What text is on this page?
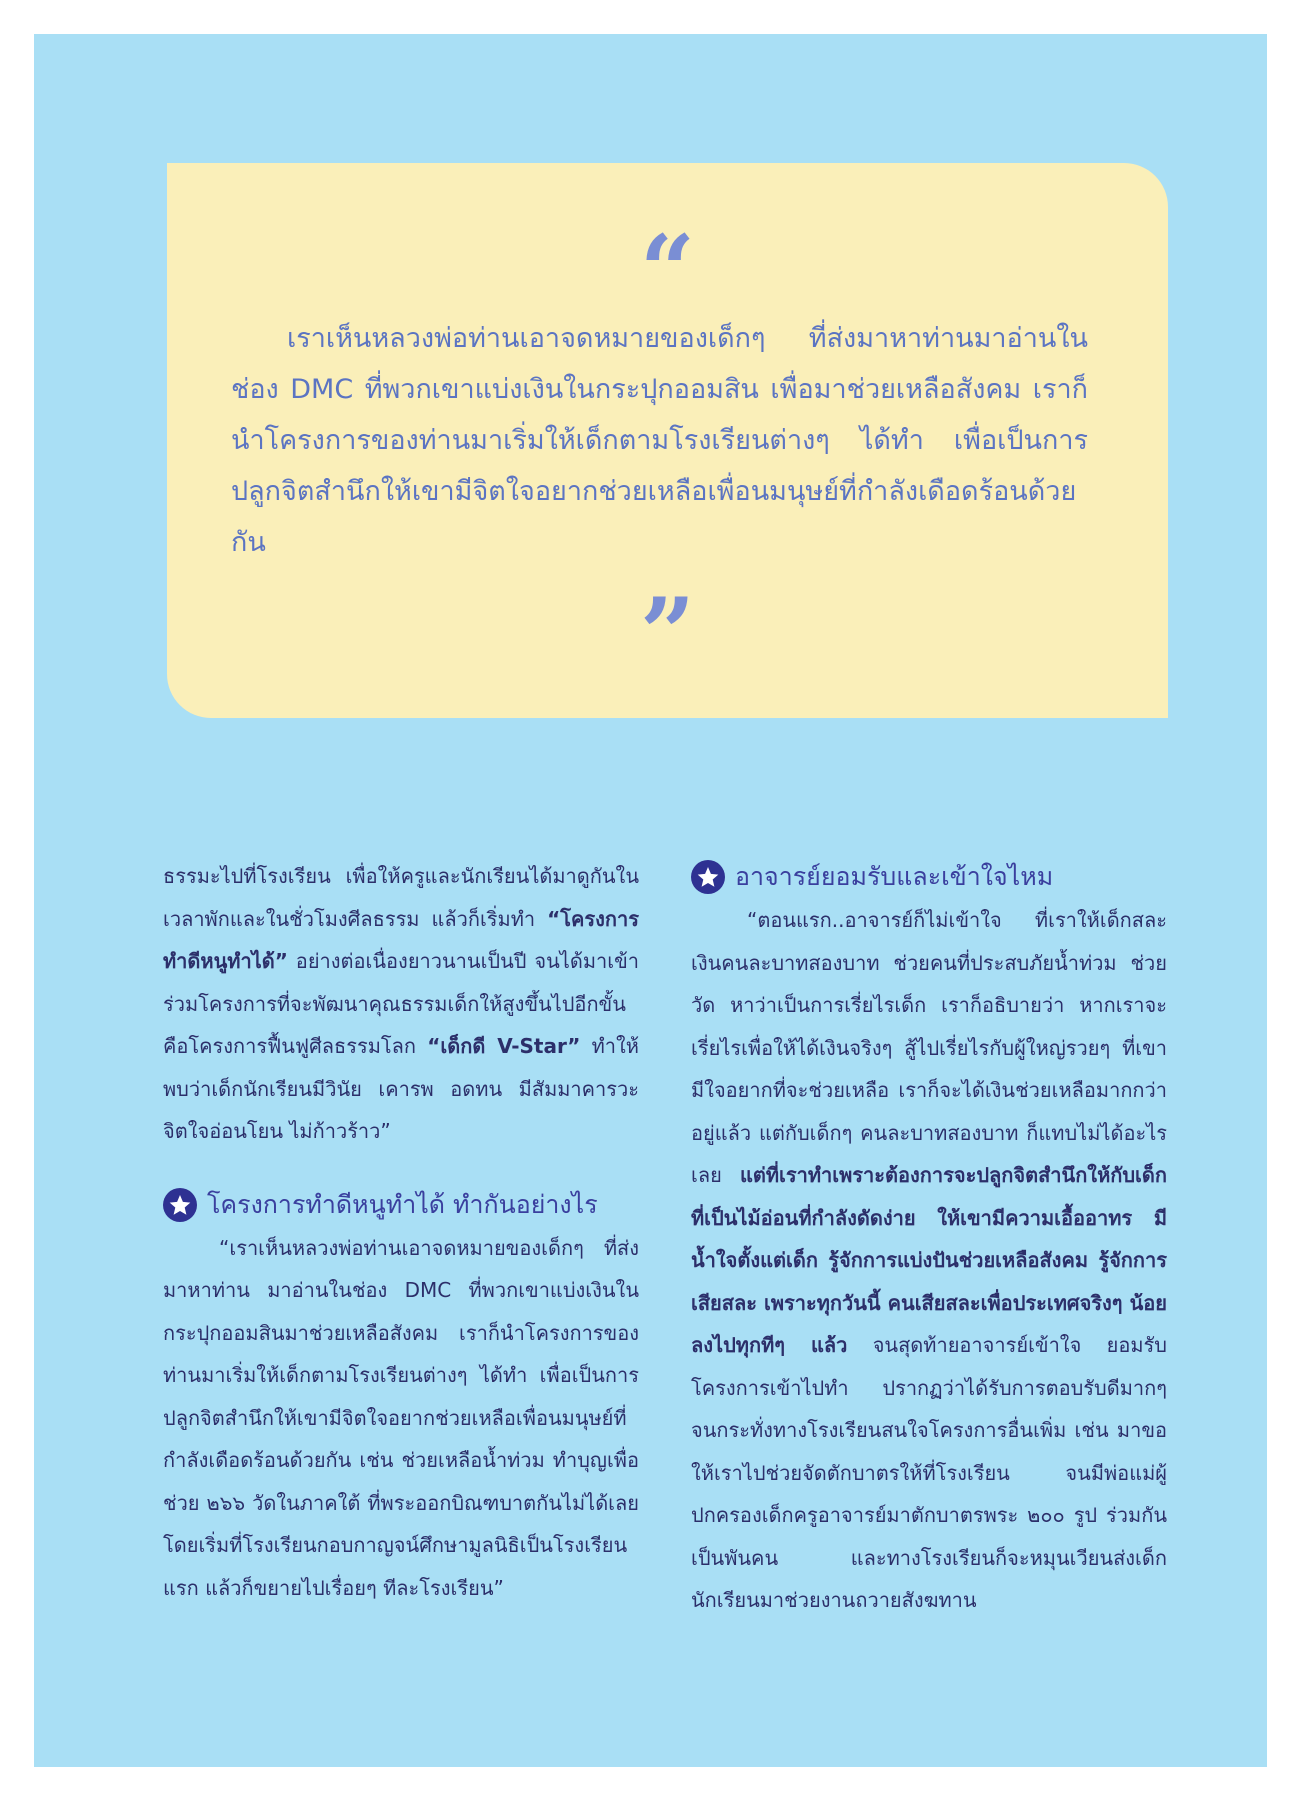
“

เราเห็นหลวงพ่อท่านเอาจดหมายของเด็กๆ ที่ส่งมาหาท่านมาอ่านในช่อง DMC ที่พวกเขาแบ่งเงินในกระปุกออมสิน เพื่อมาช่วยเหลือสังคม เราก็นำโครงการของท่านมาเริ่มให้เด็กตามโรงเรียนต่างๆ ได้ทำ เพื่อเป็นการปลูกจิตสำนึกให้เขามีจิตใจอยากช่วยเหลือเพื่อนมนุษย์ที่กำลังเดือดร้อนด้วยกัน

”

ธรรมะไปที่โรงเรียน เพื่อให้ครูและนักเรียนได้มาดูกันในเวลาพักและในชั่วโมงศีลธรรม แล้วก็เริ่มทำ “โครงการทำดีหนูทำได้” อย่างต่อเนื่องยาวนานเป็นปี จนได้มาเข้าร่วมโครงการที่จะพัฒนาคุณธรรมเด็กให้สูงขึ้นไปอีกขั้น คือโครงการฟื้นฟูศีลธรรมโลก “เด็กดี V-Star” ทำให้พบว่าเด็กนักเรียนมีวินัย เคารพ อดทน มีสัมมาคารวะ จิตใจอ่อนโยน ไม่ก้าวร้าว”

โครงการทำดีหนูทำได้ ทำกันอย่างไร

“เราเห็นหลวงพ่อท่านเอาจดหมายของเด็กๆ ที่ส่งมาหาท่าน มาอ่านในช่อง DMC ที่พวกเขาแบ่งเงินในกระปุกออมสินมาช่วยเหลือสังคม เราก็นำโครงการของท่านมาเริ่มให้เด็กตามโรงเรียนต่างๆ ได้ทำ เพื่อเป็นการปลูกจิตสำนึกให้เขามีจิตใจอยากช่วยเหลือเพื่อนมนุษย์ที่กำลังเดือดร้อนด้วยกัน เช่น ช่วยเหลือน้ำท่วม ทำบุญเพื่อช่วย ๒๖๖ วัดในภาคใต้ ที่พระออกบิณฑบาตกันไม่ได้เลย โดยเริ่มที่โรงเรียนกอบกาญจน์ศึกษามูลนิธิเป็นโรงเรียนแรก แล้วก็ขยายไปเรื่อยๆ ทีละโรงเรียน”

อาจารย์ยอมรับและเข้าใจไหม

“ตอนแรก..อาจารย์ก็ไม่เข้าใจ ที่เราให้เด็กสละเงินคนละบาทสองบาท ช่วยคนที่ประสบภัยน้ำท่วม ช่วยวัด หาว่าเป็นการเรี่ยไรเด็ก เราก็อธิบายว่า หากเราจะเรี่ยไรเพื่อให้ได้เงินจริงๆ สู้ไปเรี่ยไรกับผู้ใหญ่รวยๆ ที่เขามีใจอยากที่จะช่วยเหลือ เราก็จะได้เงินช่วยเหลือมากกว่าอยู่แล้ว แต่กับเด็กๆ คนละบาทสองบาท ก็แทบไม่ได้อะไรเลย แต่ที่เราทำเพราะต้องการจะปลูกจิตสำนึกให้กับเด็กที่เป็นไม้อ่อนที่กำลังดัดง่าย ให้เขามีความเอื้ออาทร มีน้ำใจตั้งแต่เด็ก รู้จักการแบ่งปันช่วยเหลือสังคม รู้จักการเสียสละ เพราะทุกวันนี้ คนเสียสละเพื่อประเทศจริงๆ น้อยลงไปทุกทีๆ แล้ว จนสุดท้ายอาจารย์เข้าใจ ยอมรับโครงการเข้าไปทำ ปรากฏว่าได้รับการตอบรับดีมากๆ จนกระทั่งทางโรงเรียนสนใจโครงการอื่นเพิ่ม เช่น มาขอให้เราไปช่วยจัดตักบาตรให้ที่โรงเรียน จนมีพ่อแม่ผู้ปกครองเด็กครูอาจารย์มาตักบาตรพระ ๒๐๐ รูป ร่วมกันเป็นพันคน และทางโรงเรียนก็จะหมุนเวียนส่งเด็กนักเรียนมาช่วยงานถวายสังฆทาน
